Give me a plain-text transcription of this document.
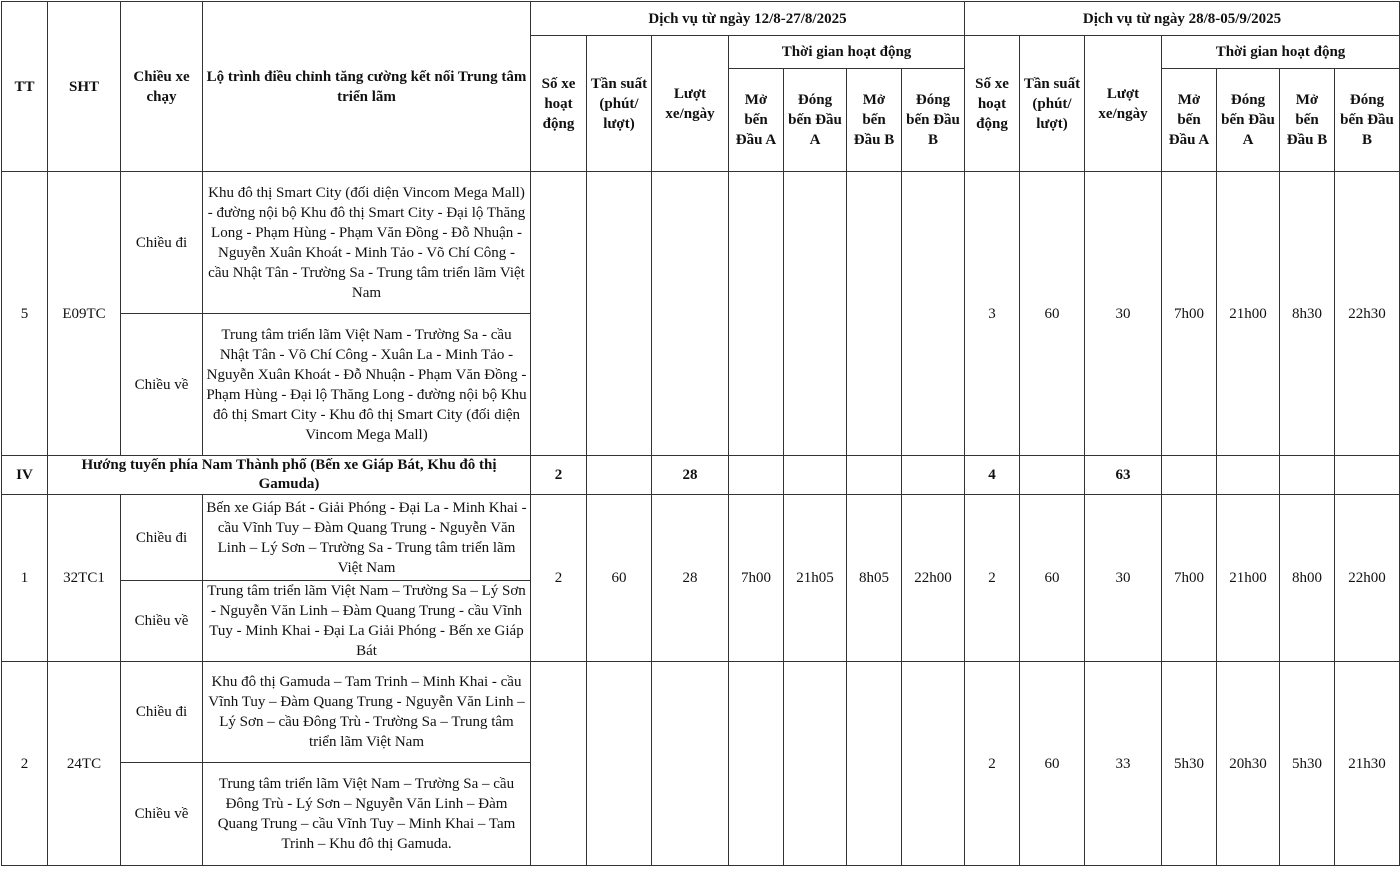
TT	SHT	Chiều xe chạy	Lộ trình điều chỉnh tăng cường kết nối Trung tâm triển lãm	Dịch vụ từ ngày 12/8-27/8/2025							Dịch vụ từ ngày 28/8-05/9/2025						
				Số xe hoạt động	Tần suất (phút/ lượt)	Lượt xe/ngày	Thời gian hoạt động				Số xe hoạt động	Tần suất (phút/ lượt)	Lượt xe/ngày	Thời gian hoạt động			
							Mở bến Đầu A	Đóng bến Đầu A	Mở bến Đầu B	Đóng bến Đầu B				Mở bến Đầu A	Đóng bến Đầu A	Mở bến Đầu B	Đóng bến Đầu B
5	E09TC	Chiều đi	Khu đô thị Smart City (đối diện Vincom Mega Mall) - đường nội bộ Khu đô thị Smart City - Đại lộ Thăng Long - Phạm Hùng - Phạm Văn Đồng - Đỗ Nhuận - Nguyễn Xuân Khoát - Minh Tảo - Võ Chí Công - cầu Nhật Tân - Trường Sa - Trung tâm triển lãm Việt Nam								3	60	30	7h00	21h00	8h30	22h30
		Chiều về	Trung tâm triển lãm Việt Nam - Trường Sa - cầu Nhật Tân - Võ Chí Công - Xuân La - Minh Tảo - Nguyễn Xuân Khoát - Đỗ Nhuận - Phạm Văn Đồng - Phạm Hùng - Đại lộ Thăng Long - đường nội bộ Khu đô thị Smart City - Khu đô thị Smart City (đối diện Vincom Mega Mall)														
IV	Hướng tuyến phía Nam Thành phố (Bến xe Giáp Bát, Khu đô thị Gamuda)			2		28					4		63				
1	32TC1	Chiều đi	Bến xe Giáp Bát - Giải Phóng - Đại La - Minh Khai - cầu Vĩnh Tuy – Đàm Quang Trung - Nguyễn Văn Linh – Lý Sơn – Trường Sa - Trung tâm triển lãm Việt Nam	2	60	28	7h00	21h05	8h05	22h00	2	60	30	7h00	21h00	8h00	22h00
		Chiều về	Trung tâm triển lãm Việt Nam – Trường Sa – Lý Sơn - Nguyễn Văn Linh – Đàm Quang Trung - cầu Vĩnh Tuy - Minh Khai - Đại La Giải Phóng - Bến xe Giáp Bát														
2	24TC	Chiều đi	Khu đô thị Gamuda – Tam Trinh – Minh Khai - cầu Vĩnh Tuy – Đàm Quang Trung - Nguyễn Văn Linh – Lý Sơn – cầu Đông Trù - Trường Sa – Trung tâm triển lãm Việt Nam								2	60	33	5h30	20h30	5h30	21h30
		Chiều về	Trung tâm triển lãm Việt Nam – Trường Sa – cầu Đông Trù - Lý Sơn – Nguyễn Văn Linh – Đàm Quang Trung – cầu Vĩnh Tuy – Minh Khai – Tam Trinh – Khu đô thị Gamuda.														
